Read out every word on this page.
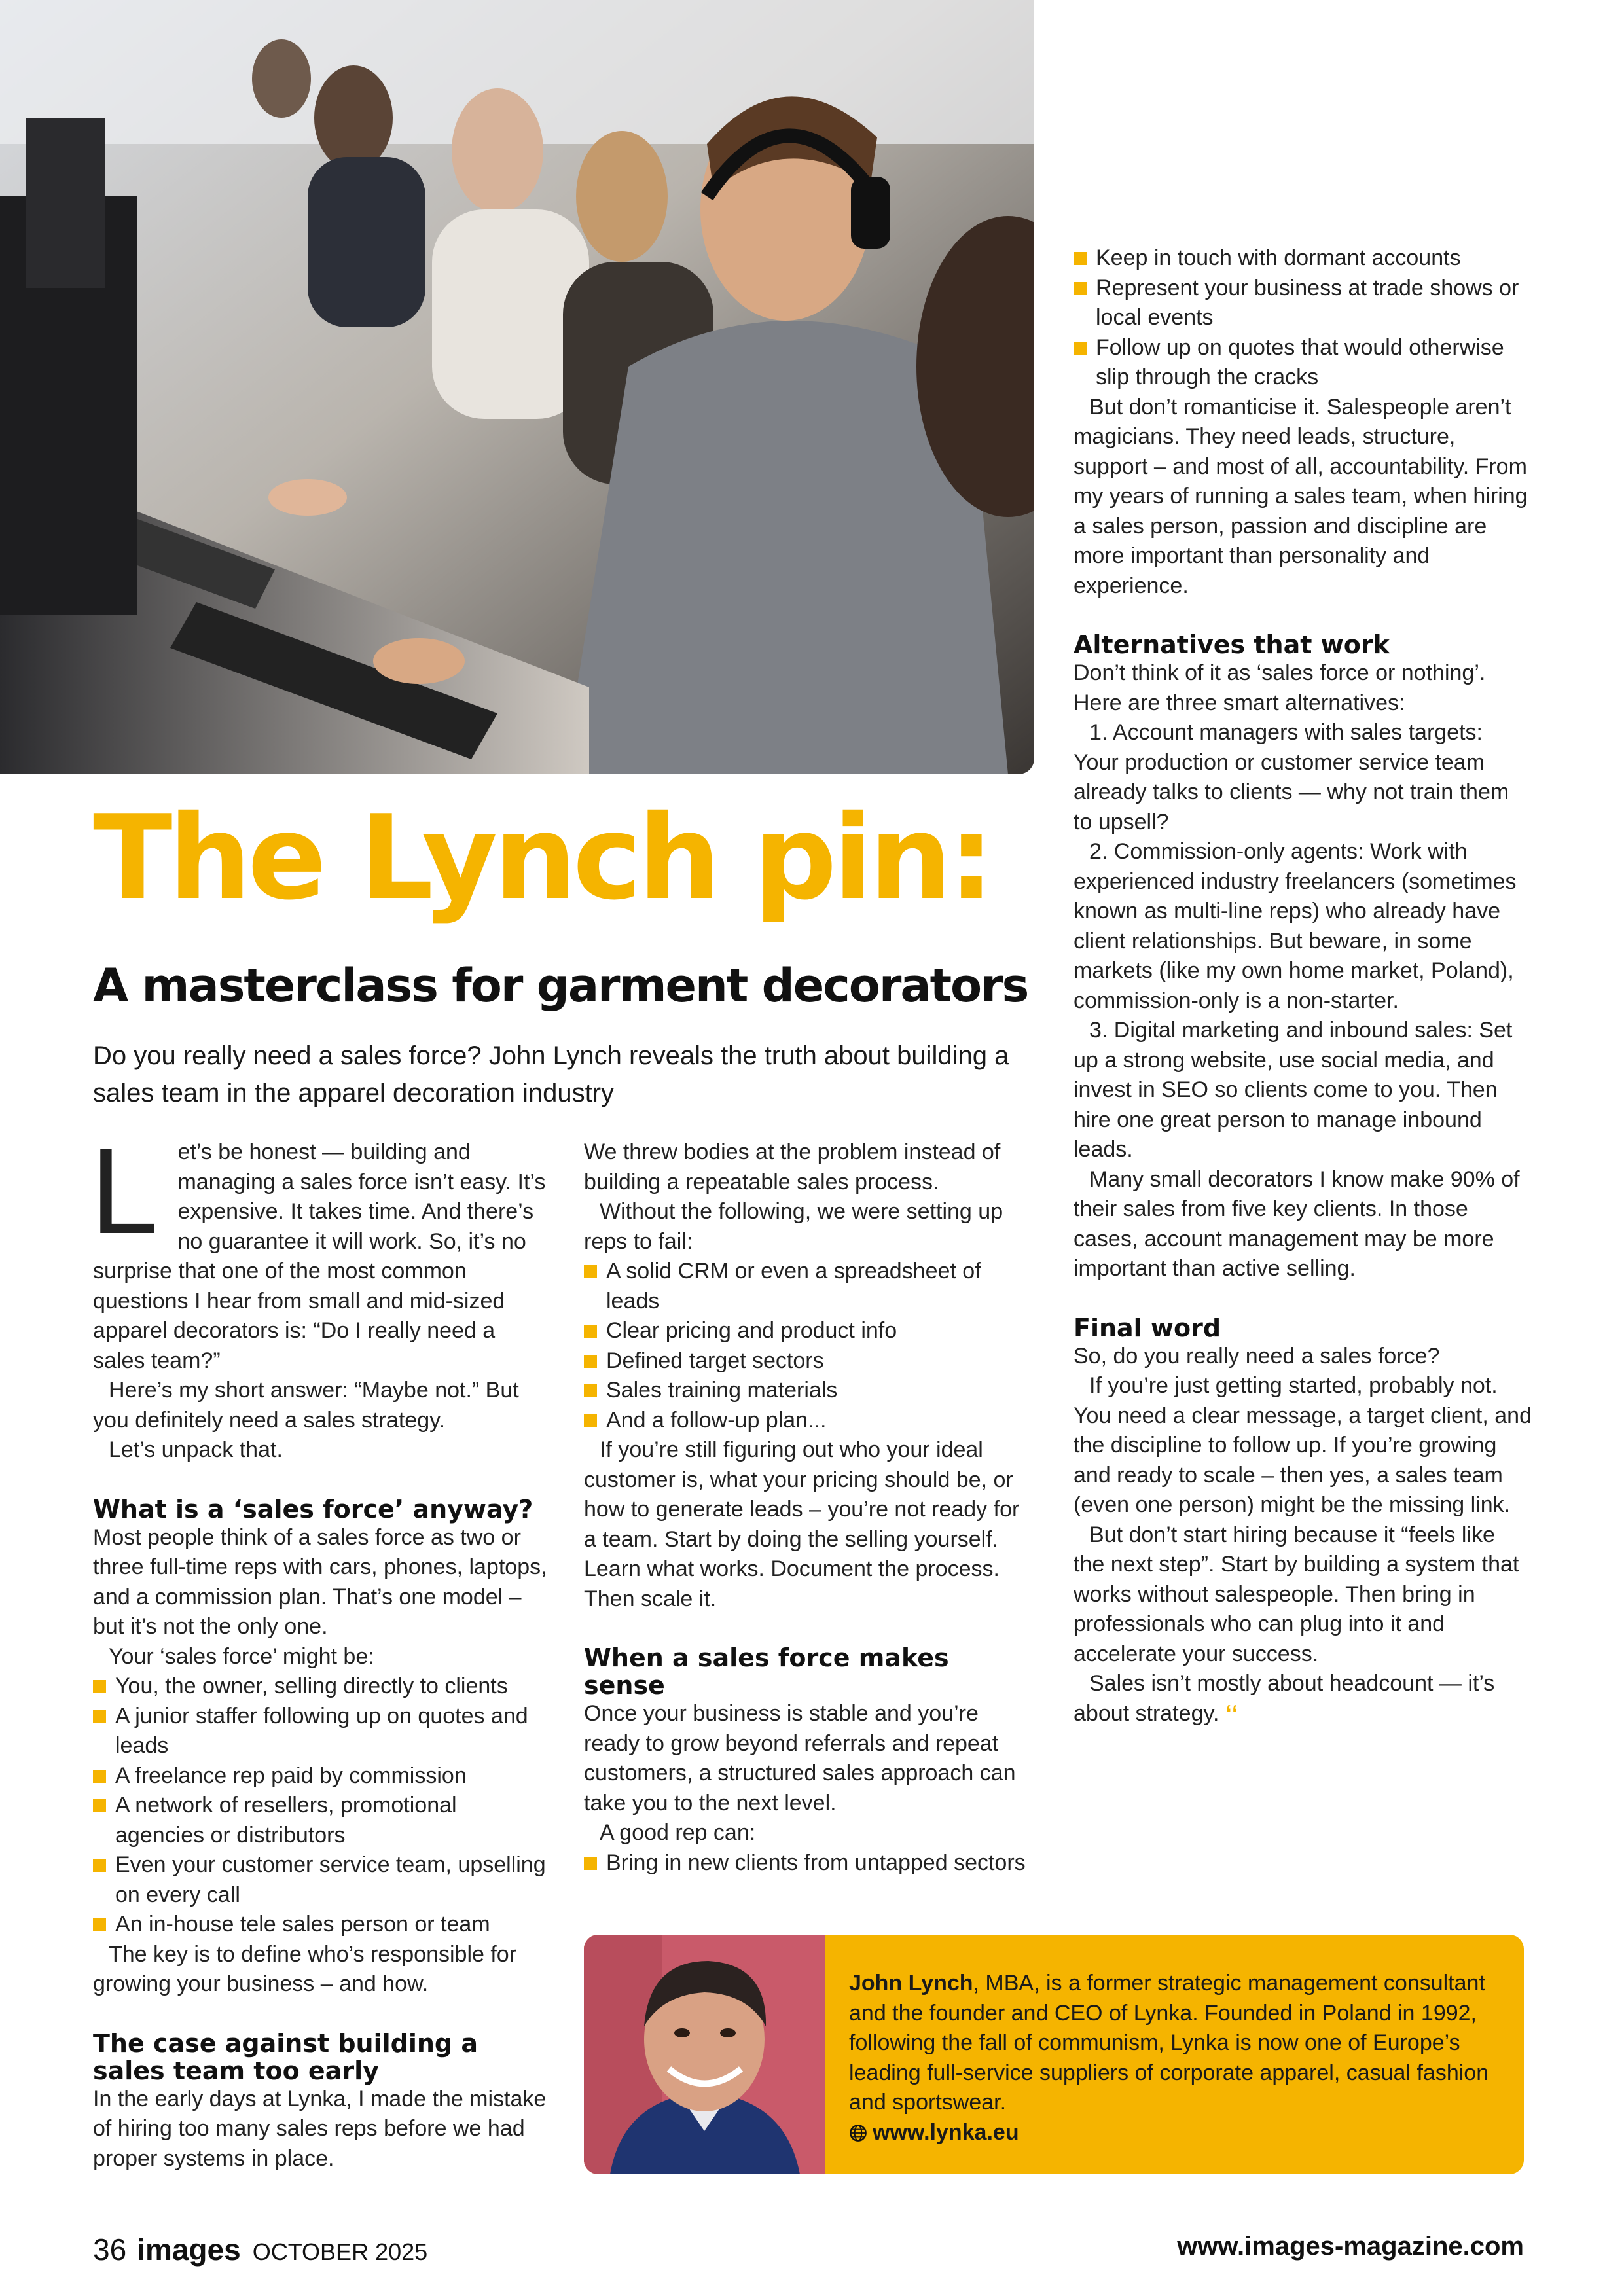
The Lynch pin:
A masterclass for garment decorators

Do you really need a sales force? John Lynch reveals the truth about building a sales team in the apparel decoration industry

L et’s be honest — building and managing a sales force isn’t easy. It’s expensive. It takes time. And there’s no guarantee it will work. So, it’s no surprise that one of the most common questions I hear from small and mid-sized apparel decorators is: “Do I really need a sales team?”

Here’s my short answer: “Maybe not.” But you definitely need a sales strategy.

Let’s unpack that.

What is a ‘sales force’ anyway?

Most people think of a sales force as two or three full-time reps with cars, phones, laptops, and a commission plan. That’s one model – but it’s not the only one.

Your ‘sales force’ might be:

You, the owner, selling directly to clients
A junior staffer following up on quotes and leads
A freelance rep paid by commission
A network of resellers, promotional agencies or distributors
Even your customer service team, upselling on every call
An in-house tele sales person or team

The key is to define who’s responsible for growing your business – and how.

The case against building a sales team too early

In the early days at Lynka, I made the mistake of hiring too many sales reps before we had proper systems in place.

We threw bodies at the problem instead of building a repeatable sales process.

Without the following, we were setting up reps to fail:

A solid CRM or even a spreadsheet of leads
Clear pricing and product info
Defined target sectors
Sales training materials
And a follow-up plan...

If you’re still figuring out who your ideal customer is, what your pricing should be, or how to generate leads – you’re not ready for a team. Start by doing the selling yourself. Learn what works. Document the process. Then scale it.

When a sales force makes sense

Once your business is stable and you’re ready to grow beyond referrals and repeat customers, a structured sales approach can take you to the next level.

A good rep can:

Bring in new clients from untapped sectors
Keep in touch with dormant accounts
Represent your business at trade shows or local events
Follow up on quotes that would otherwise slip through the cracks

But don’t romanticise it. Salespeople aren’t magicians. They need leads, structure, support – and most of all, accountability. From my years of running a sales team, when hiring a sales person, passion and discipline are more important than personality and experience.

Alternatives that work

Don’t think of it as ‘sales force or nothing’. Here are three smart alternatives:

1. Account managers with sales targets: Your production or customer service team already talks to clients — why not train them to upsell?

2. Commission-only agents: Work with experienced industry freelancers (sometimes known as multi-line reps) who already have client relationships. But beware, in some markets (like my own home market, Poland), commission-only is a non-starter.

3. Digital marketing and inbound sales: Set up a strong website, use social media, and invest in SEO so clients come to you. Then hire one great person to manage inbound leads.

Many small decorators I know make 90% of their sales from five key clients. In those cases, account management may be more important than active selling.

Final word

So, do you really need a sales force?

If you’re just getting started, probably not. You need a clear message, a target client, and the discipline to follow up. If you’re growing and ready to scale – then yes, a sales team (even one person) might be the missing link.

But don’t start hiring because it “feels like the next step”. Start by building a system that works without salespeople. Then bring in professionals who can plug into it and accelerate your success.

Sales isn’t mostly about headcount — it’s about strategy. ʻʻ

John Lynch, MBA, is a former strategic management consultant and the founder and CEO of Lynka. Founded in Poland in 1992, following the fall of communism, Lynka is now one of Europe’s leading full-service suppliers of corporate apparel, casual fashion and sportswear.
www.lynka.eu

36 images OCTOBER 2025	www.images-magazine.com
